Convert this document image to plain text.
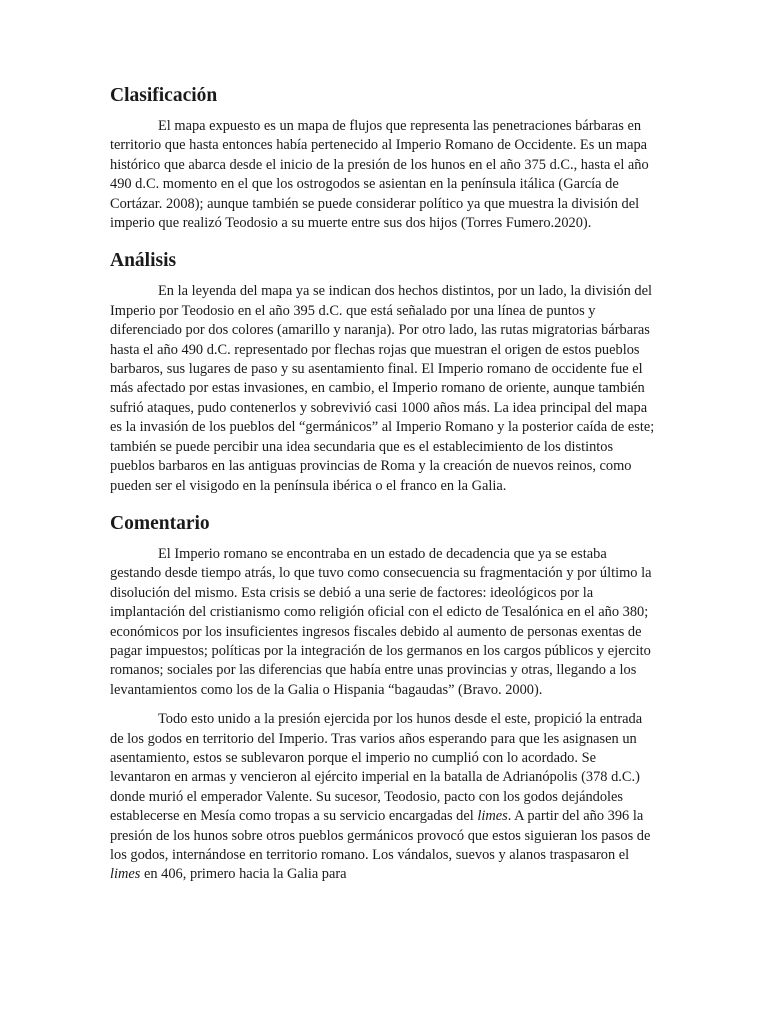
Clasificación

El mapa expuesto es un mapa de flujos que representa las penetraciones bárbaras en territorio que hasta entonces había pertenecido al Imperio Romano de Occidente. Es un mapa histórico que abarca desde el inicio de la presión de los hunos en el año 375 d.C., hasta el año 490 d.C. momento en el que los ostrogodos se asientan en la península itálica (García de Cortázar. 2008); aunque también se puede considerar político ya que muestra la división del imperio que realizó Teodosio a su muerte entre sus dos hijos (Torres Fumero.2020).

Análisis

En la leyenda del mapa ya se indican dos hechos distintos, por un lado, la división del Imperio por Teodosio en el año 395 d.C. que está señalado por una línea de puntos y diferenciado por dos colores (amarillo y naranja). Por otro lado, las rutas migratorias bárbaras hasta el año 490 d.C. representado por flechas rojas que muestran el origen de estos pueblos barbaros, sus lugares de paso y su asentamiento final. El Imperio romano de occidente fue el más afectado por estas invasiones, en cambio, el Imperio romano de oriente, aunque también sufrió ataques, pudo contenerlos y sobrevivió casi 1000 años más. La idea principal del mapa es la invasión de los pueblos del “germánicos” al Imperio Romano y la posterior caída de este; también se puede percibir una idea secundaria que es el establecimiento de los distintos pueblos barbaros en las antiguas provincias de Roma y la creación de nuevos reinos, como pueden ser el visigodo en la península ibérica o el franco en la Galia.

Comentario

El Imperio romano se encontraba en un estado de decadencia que ya se estaba gestando desde tiempo atrás, lo que tuvo como consecuencia su fragmentación y por último la disolución del mismo. Esta crisis se debió a una serie de factores: ideológicos por la implantación del cristianismo como religión oficial con el edicto de Tesalónica en el año 380; económicos por los insuficientes ingresos fiscales debido al aumento de personas exentas de pagar impuestos; políticas por la integración de los germanos en los cargos públicos y ejercito romanos; sociales por las diferencias que había entre unas provincias y otras, llegando a los levantamientos como los de la Galia o Hispania “bagaudas” (Bravo. 2000).

Todo esto unido a la presión ejercida por los hunos desde el este, propició la entrada de los godos en territorio del Imperio. Tras varios años esperando para que les asignasen un asentamiento, estos se sublevaron porque el imperio no cumplió con lo acordado. Se levantaron en armas y vencieron al ejército imperial en la batalla de Adrianópolis (378 d.C.) donde murió el emperador Valente. Su sucesor, Teodosio, pacto con los godos dejándoles establecerse en Mesía como tropas a su servicio encargadas del limes. A partir del año 396 la presión de los hunos sobre otros pueblos germánicos provocó que estos siguieran los pasos de los godos, internándose en territorio romano. Los vándalos, suevos y alanos traspasaron el limes en 406, primero hacia la Galia para
